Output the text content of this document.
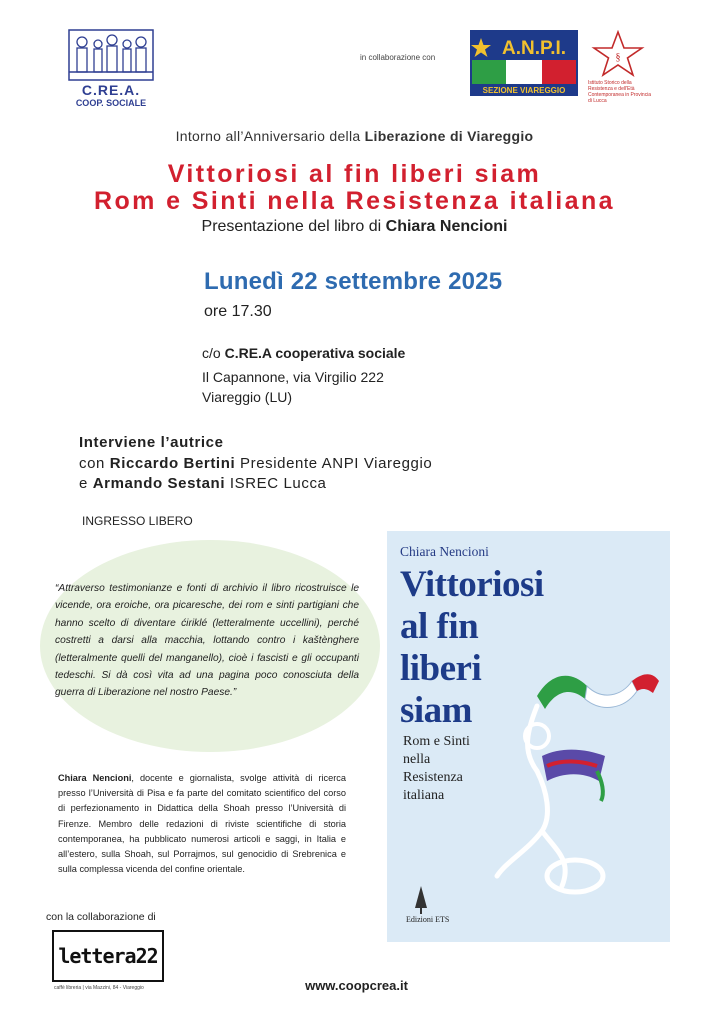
C.RE.A.
COOP. SOCIALE
in collaborazione con	A.N.P.I.
SEZIONE VIAREGGIO
§
Istituto Storico della Resistenza e dell'Età Contemporanea in Provincia di Lucca
Intorno all’Anniversario della Liberazione di Viareggio
Vittoriosi al fin liberi siam
Rom e Sinti nella Resistenza italiana
Presentazione del libro di Chiara Nencioni
Lunedì 22 settembre 2025
ore 17.30
c/o C.RE.A cooperativa sociale
Il Capannone, via Virgilio 222
Viareggio (LU)
Interviene l’autrice
con Riccardo Bertini Presidente ANPI Viareggio
e Armando Sestani ISREC Lucca
INGRESSO LIBERO
“Attraverso testimonianze e fonti di archivio il libro ricostruisce le vicende, ora eroiche, ora picaresche, dei rom e sinti partigiani che hanno scelto di diventare ćiriklé (letteralmente uccellini), perché costretti a darsi alla macchia, lottando contro i kaštènghere (letteralmente quelli del manganello), cioè i fascisti e gli occupanti tedeschi. Si dà così vita ad una pagina poco conosciuta della guerra di Liberazione nel nostro Paese.”
Chiara Nencioni, docente e giornalista, svolge attività di ricerca presso l’Università di Pisa e fa parte del comitato scientifico del corso di perfezionamento in Didattica della Shoah presso l’Università di Firenze. Membro delle redazioni di riviste scientifiche di storia contemporanea, ha pubblicato numerosi articoli e saggi, in Italia e all’estero, sulla Shoah, sul Porrajmos, sul genocidio di Srebrenica e sulla complessa vicenda del confine orientale.
con la collaborazione di
lettera22
caffè libreria | via Mazzini, 84 - Viareggio	www.coopcrea.it
Chiara Nencioni
Vittoriosi
al fin
liberi
siam
Rom e Sinti
nella
Resistenza
italiana
Edizioni ETS
